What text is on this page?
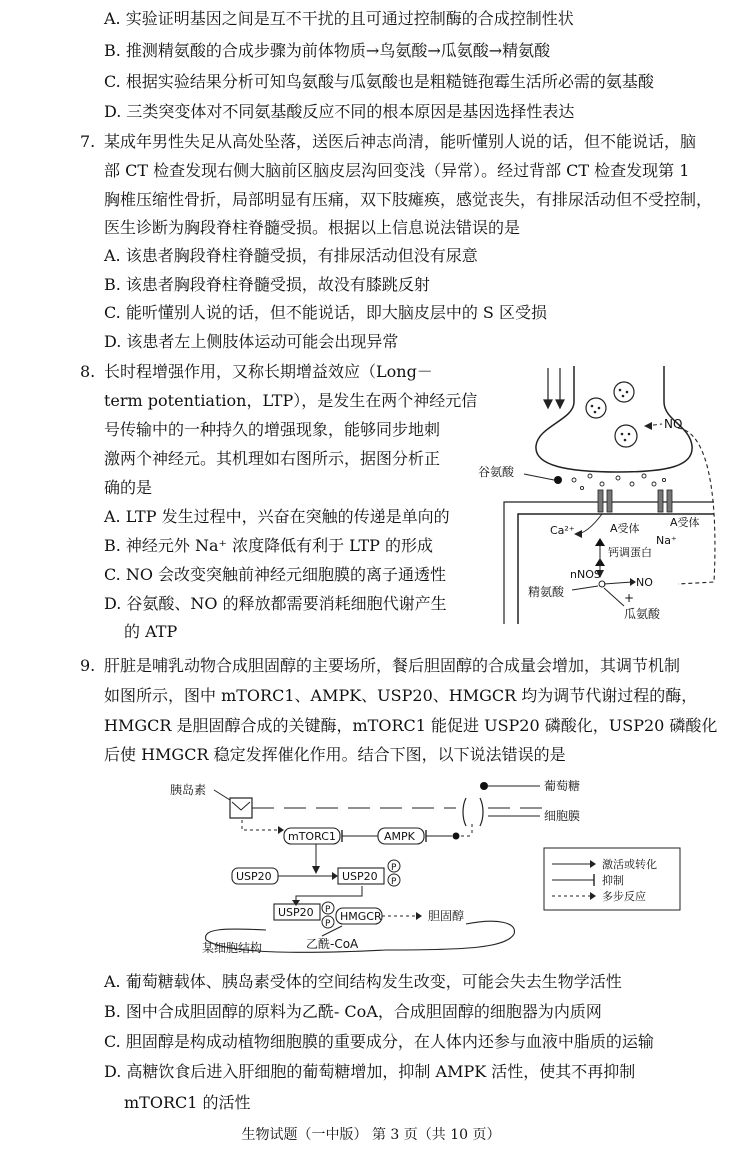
A. 实验证明基因之间是互不干扰的且可通过控制酶的合成控制性状
B. 推测精氨酸的合成步骤为前体物质→鸟氨酸→瓜氨酸→精氨酸
C. 根据实验结果分析可知鸟氨酸与瓜氨酸也是粗糙链孢霉生活所必需的氨基酸
D. 三类突变体对不同氨基酸反应不同的根本原因是基因选择性表达
7. 某成年男性失足从高处坠落，送医后神志尚清，能听懂别人说的话，但不能说话，脑
部 CT 检查发现右侧大脑前区脑皮层沟回变浅（异常）。经过背部 CT 检查发现第 1
胸椎压缩性骨折，局部明显有压痛，双下肢瘫痪，感觉丧失，有排尿活动但不受控制，
医生诊断为胸段脊柱脊髓受损。根据以上信息说法错误的是
A. 该患者胸段脊柱脊髓受损，有排尿活动但没有尿意
B. 该患者胸段脊柱脊髓受损，故没有膝跳反射
C. 能听懂别人说的话，但不能说话，即大脑皮层中的 S 区受损
D. 该患者左上侧肢体运动可能会出现异常
8. 长时程增强作用，又称长期增益效应（Long－
term potentiation，LTP），是发生在两个神经元信
号传输中的一种持久的增强现象，能够同步地刺
激两个神经元。其机理如右图所示，据图分析正
确的是
A. LTP 发生过程中，兴奋在突触的传递是单向的
B. 神经元外 Na⁺ 浓度降低有利于 LTP 的形成
C. NO 会改变突触前神经元细胞膜的离子通透性
D. 谷氨酸、NO 的释放都需要消耗细胞代谢产生
的 ATP
NO
谷氨酸
Ca²⁺	A受体	A受体
Na⁺
钙调蛋白
nNOS
NO
精氨酸	+
瓜氨酸
9. 肝脏是哺乳动物合成胆固醇的主要场所，餐后胆固醇的合成量会增加，其调节机制
如图所示，图中 mTORC1、AMPK、USP20、HMGCR 均为调节代谢过程的酶，
HMGCR 是胆固醇合成的关键酶，mTORC1 能促进 USP20 磷酸化，USP20 磷酸化
后使 HMGCR 稳定发挥催化作用。结合下图，以下说法错误的是
胰岛素	葡萄糖
细胞膜
AMPK
mTORC1
USP20	USP20
P
P
USP20 P
P
HMGCR	胆固醇
某细胞结构	乙酰-CoA
激活或转化
抑制
多步反应
A. 葡萄糖载体、胰岛素受体的空间结构发生改变，可能会失去生物学活性
B. 图中合成胆固醇的原料为乙酰- CoA，合成胆固醇的细胞器为内质网
C. 胆固醇是构成动植物细胞膜的重要成分，在人体内还参与血液中脂质的运输
D. 高糖饮食后进入肝细胞的葡萄糖增加，抑制 AMPK 活性，使其不再抑制
mTORC1 的活性
生物试题（一中版） 第 3 页（共 10 页）
